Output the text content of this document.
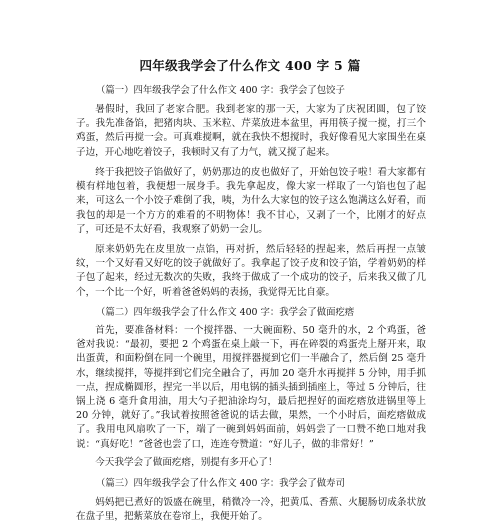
四年级我学会了什么作文 400 字 5 篇
（篇一）四年级我学会了什么作文 400 字：我学会了包饺子

暑假时，我回了老家合肥。我到老家的那一天，大家为了庆祝团圆，包了饺子。我先准备馅，把猪肉块、玉米粒、芹菜放进本盆里，再用筷子搅一搅，打三个鸡蛋，然后再搅一会。可真难搅啊，就在我快不想搅时，我好像看见大家围坐在桌子边，开心地吃着饺子，我顿时又有了力气，就又搅了起来。

终于我把饺子馅做好了，奶奶那边的皮也做好了，开始包饺子啦！看大家都有模有样地包着，我便想一展身手。我先拿起皮，像大家一样取了一勺馅也包了起来，可这么一个小饺子难倒了我，咦，为什么大家包的饺子这么饱满这么好看，而我包的却是一个方方的难看的不明物体！我不甘心，又剥了一个，比刚才的好点了，可还是不太好看，我观察了奶奶一会儿。

原来奶奶先在皮里放一点馅，再对折，然后轻轻的捏起来，然后再捏一点皱纹，一个又好看又好吃的饺子就做好了。我拿起了饺子皮和饺子馅，学着奶奶的样子包了起来，经过无数次的失败，我终于做成了一个成功的饺子，后来我又做了几个，一个比一个好，听着爸爸妈妈的表扬，我觉得无比自豪。

（篇二）四年级我学会了什么作文 400 字：我学会了做面疙瘩

首先，要准备材料：一个搅拌器、一大碗面粉、50 毫升的水，2 个鸡蛋，爸爸对我说：“最初，要把 2 个鸡蛋在桌上敲一下，再在碎裂的鸡蛋壳上掰开来，取出蛋黄，和面粉倒在同一个碗里，用搅拌器搅到它们一半融合了，然后倒 25 毫升水，继续搅拌，等搅拌到它们完全融合了，再加 20 毫升水再搅拌 5 分钟，用手抓一点，捏成椭圆形，捏完一半以后，用电锅的插头插到插座上，等过 5 分钟后，往锅上浇 6 毫升食用油，用大勺子把油涂均匀，最后把捏好的面疙瘩放进锅里等上 20 分钟，就好了。”我试着按照爸爸说的话去做，果然，一个小时后，面疙瘩做成了。我用电风扇吹了一下，端了一碗到妈妈面前，妈妈尝了一口赞不绝口地对我说：“真好吃！”爸爸也尝了口，连连夸赞道：“好儿子，做的非常好！”

今天我学会了做面疙瘩，别提有多开心了！

（篇三）四年级我学会了什么作文 400 字：我学会了做寿司

妈妈把已煮好的饭盛在碗里，稍微冷一冷，把黄瓜、香蕉、火腿肠切成条状放在盘子里，把紫菜放在卷帘上，我便开始了。
